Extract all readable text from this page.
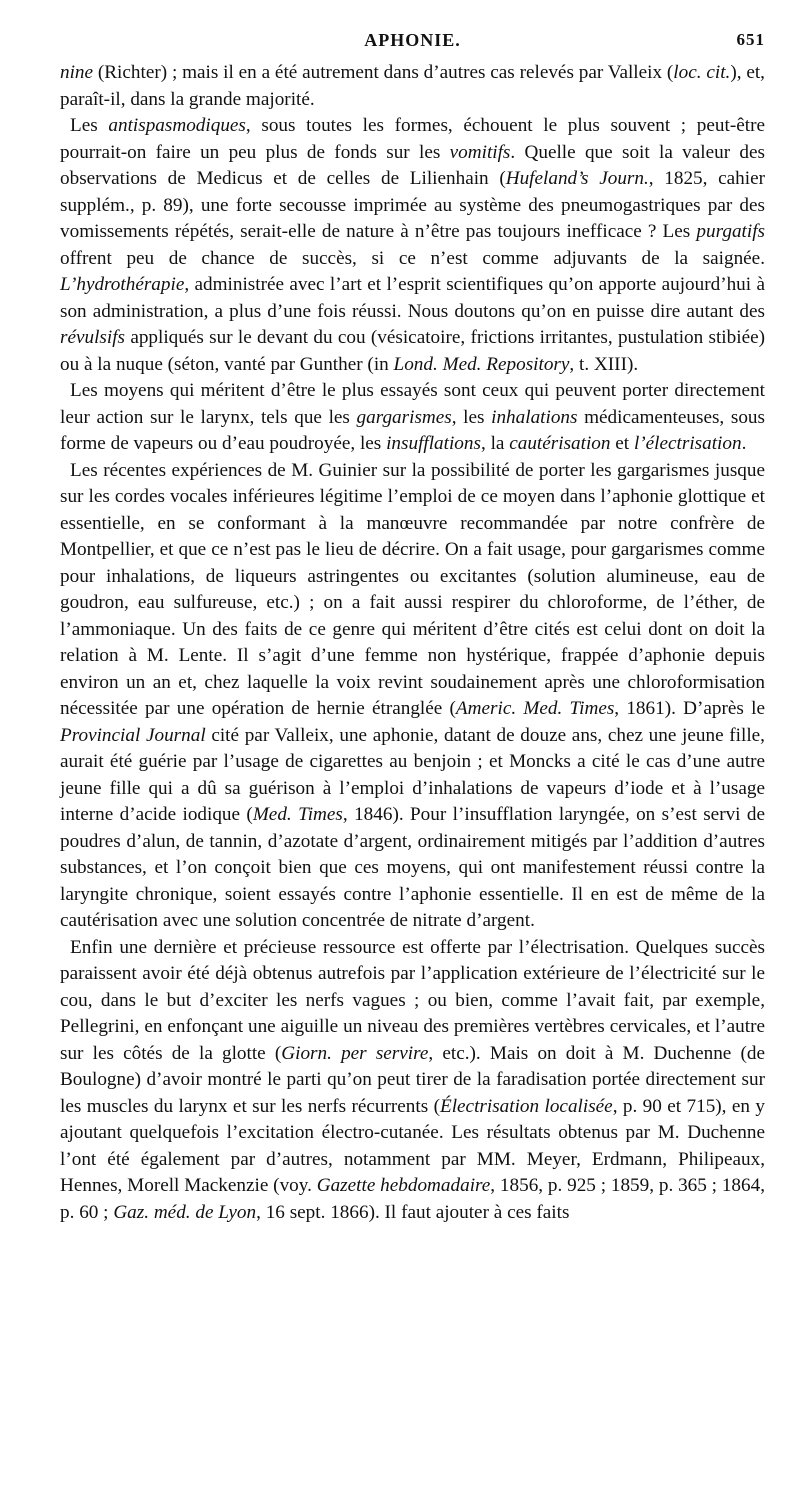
APHONIE.	651

nine (Richter) ; mais il en a été autrement dans d’autres cas relevés par Valleix (loc. cit.), et, paraît-il, dans la grande majorité.

Les antispasmodiques, sous toutes les formes, échouent le plus souvent ; peut-être pourrait-on faire un peu plus de fonds sur les vomitifs. Quelle que soit la valeur des observations de Medicus et de celles de Lilienhain (Hufeland’s Journ., 1825, cahier supplém., p. 89), une forte secousse imprimée au système des pneumogastriques par des vomissements répétés, serait-elle de nature à n’être pas toujours inefficace ? Les purgatifs offrent peu de chance de succès, si ce n’est comme adjuvants de la saignée. L’hydrothérapie, administrée avec l’art et l’esprit scientifiques qu’on apporte aujourd’hui à son administration, a plus d’une fois réussi. Nous doutons qu’on en puisse dire autant des révulsifs appliqués sur le devant du cou (vésicatoire, frictions irritantes, pustulation stibiée) ou à la nuque (séton, vanté par Gunther (in Lond. Med. Repository, t. XIII).

Les moyens qui méritent d’être le plus essayés sont ceux qui peuvent porter directement leur action sur le larynx, tels que les gargarismes, les inhalations médicamenteuses, sous forme de vapeurs ou d’eau poudroyée, les insufflations, la cautérisation et l’électrisation.

Les récentes expériences de M. Guinier sur la possibilité de porter les gargarismes jusque sur les cordes vocales inférieures légitime l’emploi de ce moyen dans l’aphonie glottique et essentielle, en se conformant à la manœuvre recommandée par notre confrère de Montpellier, et que ce n’est pas le lieu de décrire. On a fait usage, pour gargarismes comme pour inhalations, de liqueurs astringentes ou excitantes (solution alumineuse, eau de goudron, eau sulfureuse, etc.) ; on a fait aussi respirer du chloroforme, de l’éther, de l’ammoniaque. Un des faits de ce genre qui méritent d’être cités est celui dont on doit la relation à M. Lente. Il s’agit d’une femme non hystérique, frappée d’aphonie depuis environ un an et, chez laquelle la voix revint soudainement après une chloroformisation nécessitée par une opération de hernie étranglée (Americ. Med. Times, 1861). D’après le Provincial Journal cité par Valleix, une aphonie, datant de douze ans, chez une jeune fille, aurait été guérie par l’usage de cigarettes au benjoin ; et Moncks a cité le cas d’une autre jeune fille qui a dû sa guérison à l’emploi d’inhalations de vapeurs d’iode et à l’usage interne d’acide iodique (Med. Times, 1846). Pour l’insufflation laryngée, on s’est servi de poudres d’alun, de tannin, d’azotate d’argent, ordinairement mitigés par l’addition d’autres substances, et l’on conçoit bien que ces moyens, qui ont manifestement réussi contre la laryngite chronique, soient essayés contre l’aphonie essentielle. Il en est de même de la cautérisation avec une solution concentrée de nitrate d’argent.

Enfin une dernière et précieuse ressource est offerte par l’électrisation. Quelques succès paraissent avoir été déjà obtenus autrefois par l’application extérieure de l’électricité sur le cou, dans le but d’exciter les nerfs vagues ; ou bien, comme l’avait fait, par exemple, Pellegrini, en enfonçant une aiguille un niveau des premières vertèbres cervicales, et l’autre sur les côtés de la glotte (Giorn. per servire, etc.). Mais on doit à M. Duchenne (de Boulogne) d’avoir montré le parti qu’on peut tirer de la faradisation portée directement sur les muscles du larynx et sur les nerfs récurrents (Électrisation localisée, p. 90 et 715), en y ajoutant quelquefois l’excitation électro-cutanée. Les résultats obtenus par M. Duchenne l’ont été également par d’autres, notamment par MM. Meyer, Erdmann, Philipeaux, Hennes, Morell Mackenzie (voy. Gazette hebdomadaire, 1856, p. 925 ; 1859, p. 365 ; 1864, p. 60 ; Gaz. méd. de Lyon, 16 sept. 1866). Il faut ajouter à ces faits
